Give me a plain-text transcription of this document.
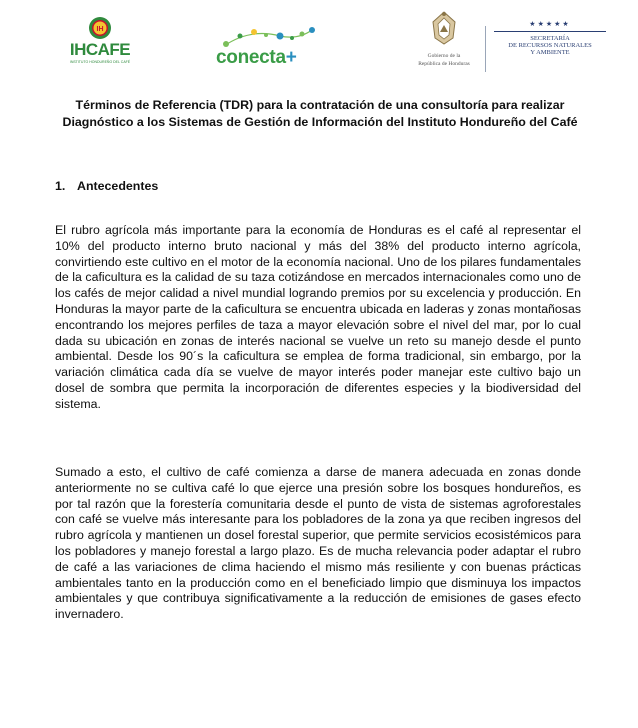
IH
IHCAFE
INSTITUTO HONDUREÑO DEL CAFÉ	conecta+	Gobierno de la
República de Honduras
★★★★★
SECRETARÍA
DE RECURSOS NATURALES
Y AMBIENTE

Términos de Referencia (TDR) para la contratación de una consultoría para realizar Diagnóstico a los Sistemas de Gestión de Información del Instituto Hondureño del Café

1. Antecedentes

El rubro agrícola más importante para la economía de Honduras es el café al representar el 10% del producto interno bruto nacional y más del 38% del producto interno agrícola, convirtiendo este cultivo en el motor de la economía nacional. Uno de los pilares fundamentales de la caficultura es la calidad de su taza cotizándose en mercados internacionales como uno de los cafés de mejor calidad a nivel mundial logrando premios por su excelencia y producción. En Honduras la mayor parte de la caficultura se encuentra ubicada en laderas y zonas montañosas encontrando los mejores perfiles de taza a mayor elevación sobre el nivel del mar, por lo cual dada su ubicación en zonas de interés nacional se vuelve un reto su manejo desde el punto ambiental. Desde los 90´s la caficultura se emplea de forma tradicional, sin embargo, por la variación climática cada día se vuelve de mayor interés poder manejar este cultivo bajo un dosel de sombra que permita la incorporación de diferentes especies y la biodiversidad del sistema.

Sumado a esto, el cultivo de café comienza a darse de manera adecuada en zonas donde anteriormente no se cultiva café lo que ejerce una presión sobre los bosques hondureños, es por tal razón que la forestería comunitaria desde el punto de vista de sistemas agroforestales con café se vuelve más interesante para los pobladores de la zona ya que reciben ingresos del rubro agrícola y mantienen un dosel forestal superior, que permite servicios ecosistémicos para los pobladores y manejo forestal a largo plazo. Es de mucha relevancia poder adaptar el rubro de café a las variaciones de clima haciendo el mismo más resiliente y con buenas prácticas ambientales tanto en la producción como en el beneficiado limpio que disminuya los impactos ambientales y que contribuya significativamente a la reducción de emisiones de gases efecto invernadero.
